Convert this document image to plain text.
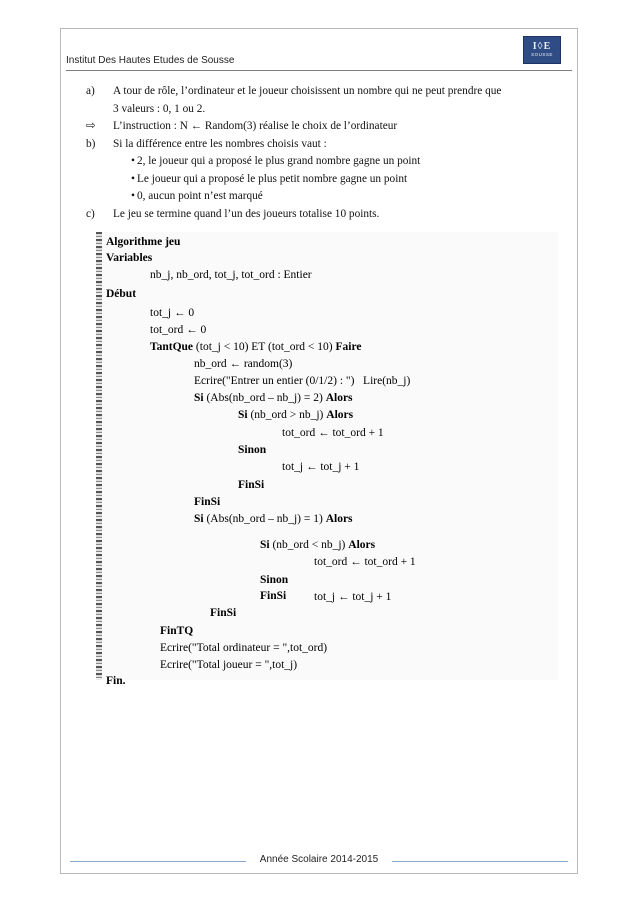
Institut Des Hautes Etudes de Sousse
I◊E
SOUSSE
a) A tour de rôle, l’ordinateur et le joueur choisissent un nombre qui ne peut prendre que
3 valeurs : 0, 1 ou 2.
⇨ L’instruction : N ← Random(3) réalise le choix de l’ordinateur
b) Si la différence entre les nombres choisis vaut :
• 2, le joueur qui a proposé le plus grand nombre gagne un point
• Le joueur qui a proposé le plus petit nombre gagne un point
• 0, aucun point n’est marqué
c) Le jeu se termine quand l’un des joueurs totalise 10 points.
Algorithme jeu
Variables
nb_j, nb_ord, tot_j, tot_ord : Entier
Début
tot_j ← 0
tot_ord ← 0
TantQue (tot_j < 10) ET (tot_ord < 10) Faire
nb_ord ← random(3)
Ecrire("Entrer un entier (0/1/2) : ")   Lire(nb_j)
Si (Abs(nb_ord – nb_j) = 2) Alors
Si (nb_ord > nb_j) Alors
tot_ord ← tot_ord + 1
Sinon
tot_j ← tot_j + 1
FinSi
FinSi
Si (Abs(nb_ord – nb_j) = 1) Alors
Si (nb_ord < nb_j) Alors
tot_ord ← tot_ord + 1
Sinon
tot_j ← tot_j + 1
FinSi
FinSi
FinTQ
Ecrire("Total ordinateur = ",tot_ord)
Ecrire("Total joueur = ",tot_j)
Fin.
Année Scolaire 2014-2015
